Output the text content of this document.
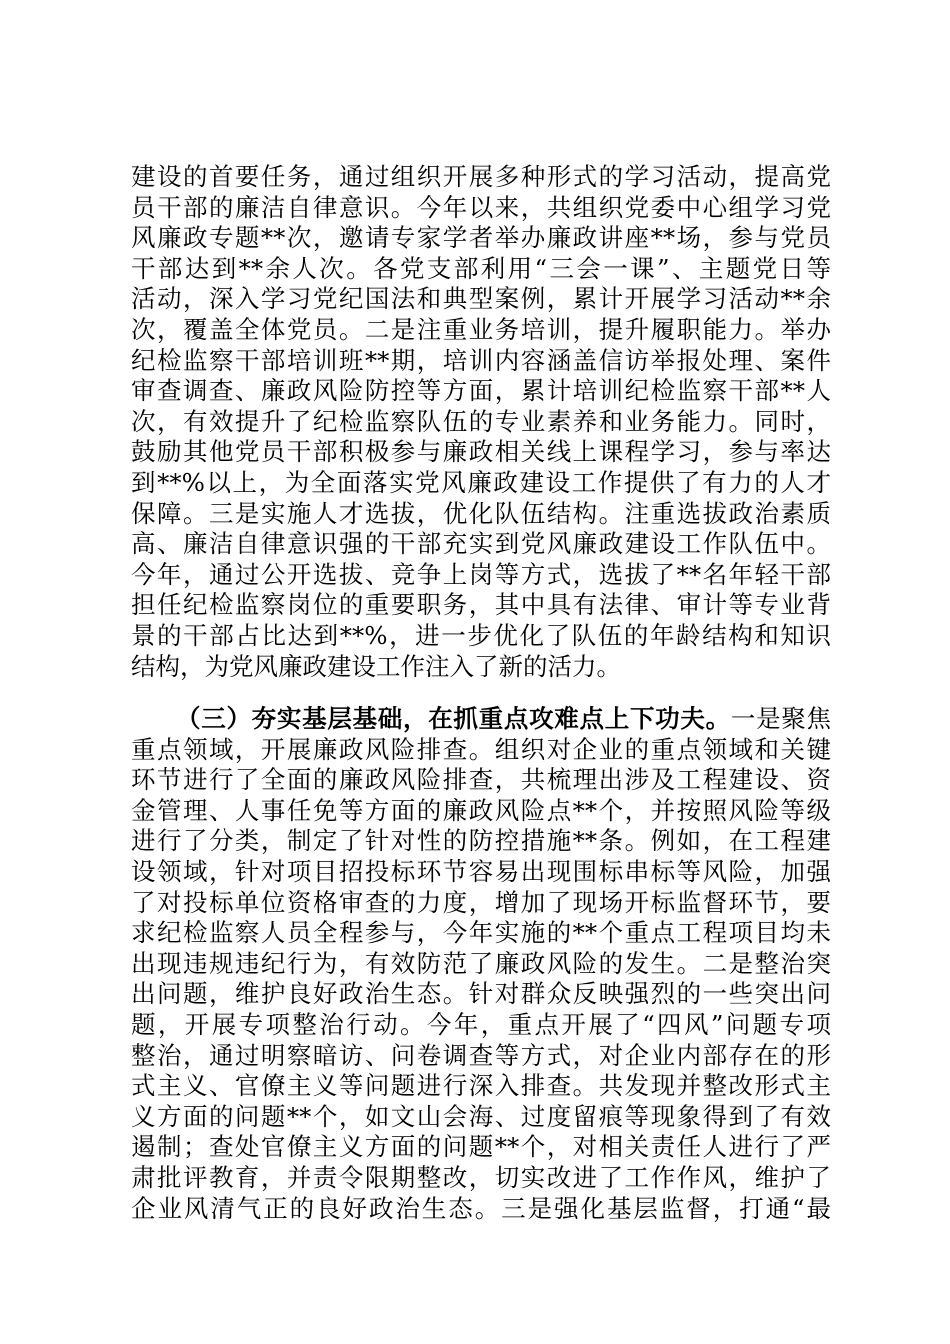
建设的首要任务，通过组织开展多种形式的学习活动，提高党
员干部的廉洁自律意识。今年以来，共组织党委中心组学习党
风廉政专题**次，邀请专家学者举办廉政讲座**场，参与党员
干部达到**余人次。各党支部利用“三会一课”、主题党日等
活动，深入学习党纪国法和典型案例，累计开展学习活动**余
次，覆盖全体党员。二是注重业务培训，提升履职能力。举办
纪检监察干部培训班**期，培训内容涵盖信访举报处理、案件
审查调查、廉政风险防控等方面，累计培训纪检监察干部**人
次，有效提升了纪检监察队伍的专业素养和业务能力。同时，
鼓励其他党员干部积极参与廉政相关线上课程学习，参与率达
到**%以上，为全面落实党风廉政建设工作提供了有力的人才
保障。三是实施人才选拔，优化队伍结构。注重选拔政治素质
高、廉洁自律意识强的干部充实到党风廉政建设工作队伍中。
今年，通过公开选拔、竞争上岗等方式，选拔了**名年轻干部
担任纪检监察岗位的重要职务，其中具有法律、审计等专业背
景的干部占比达到**%，进一步优化了队伍的年龄结构和知识
结构，为党风廉政建设工作注入了新的活力。
（三）夯实基层基础，在抓重点攻难点上下功夫。一是聚焦
重点领域，开展廉政风险排查。组织对企业的重点领域和关键
环节进行了全面的廉政风险排查，共梳理出涉及工程建设、资
金管理、人事任免等方面的廉政风险点**个，并按照风险等级
进行了分类，制定了针对性的防控措施**条。例如，在工程建
设领域，针对项目招投标环节容易出现围标串标等风险，加强
了对投标单位资格审查的力度，增加了现场开标监督环节，要
求纪检监察人员全程参与，今年实施的**个重点工程项目均未
出现违规违纪行为，有效防范了廉政风险的发生。二是整治突
出问题，维护良好政治生态。针对群众反映强烈的一些突出问
题，开展专项整治行动。今年，重点开展了“四风”问题专项
整治，通过明察暗访、问卷调查等方式，对企业内部存在的形
式主义、官僚主义等问题进行深入排查。共发现并整改形式主
义方面的问题**个，如文山会海、过度留痕等现象得到了有效
遏制；查处官僚主义方面的问题**个，对相关责任人进行了严
肃批评教育，并责令限期整改，切实改进了工作作风，维护了
企业风清气正的良好政治生态。三是强化基层监督，打通“最
